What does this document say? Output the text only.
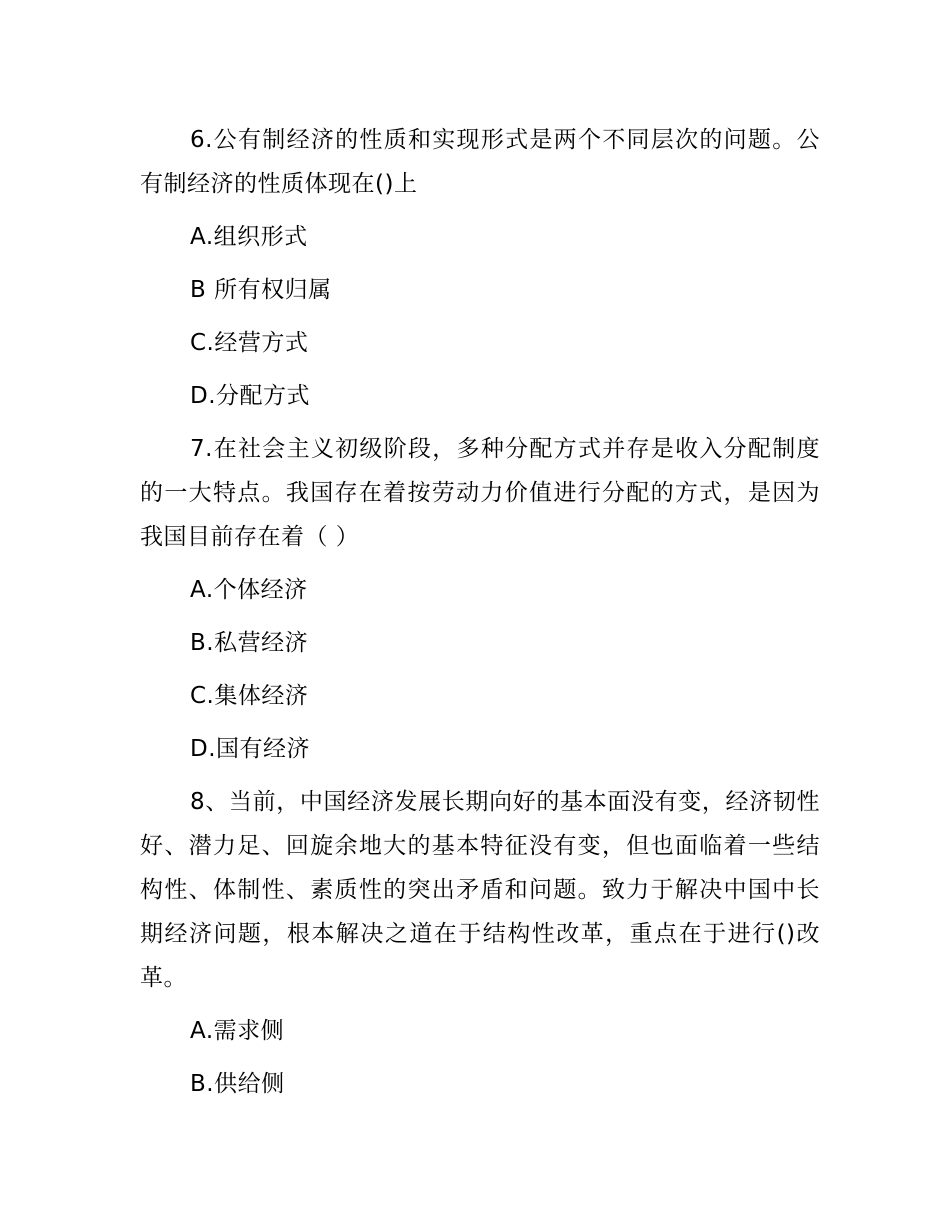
6.公有制经济的性质和实现形式是两个不同层次的问题。公有制经济的性质体现在()上

A.组织形式

B 所有权归属

C.经营方式

D.分配方式

7.在社会主义初级阶段，多种分配方式并存是收入分配制度的一大特点。我国存在着按劳动力价值进行分配的方式，是因为我国目前存在着（ ）

A.个体经济

B.私营经济

C.集体经济

D.国有经济

8、当前，中国经济发展长期向好的基本面没有变，经济韧性好、潜力足、回旋余地大的基本特征没有变，但也面临着一些结构性、体制性、素质性的突出矛盾和问题。致力于解决中国中长期经济问题，根本解决之道在于结构性改革，重点在于进行()改革。

A.需求侧

B.供给侧
